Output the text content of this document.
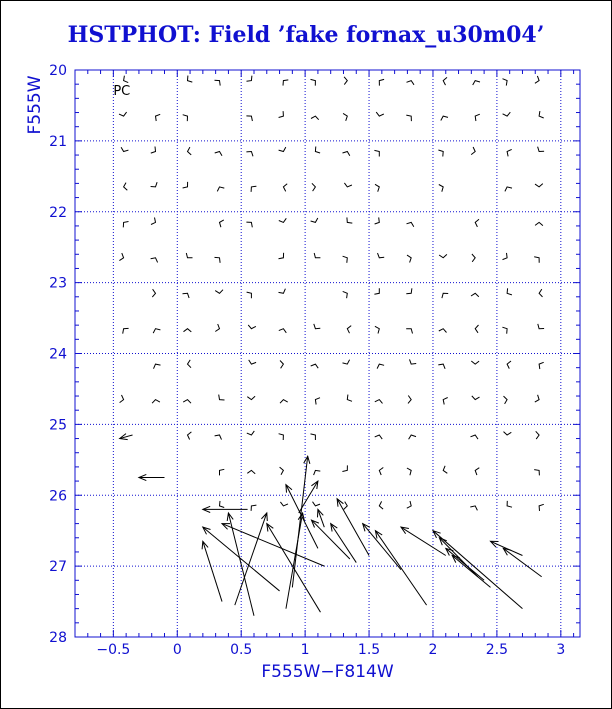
HSTPHOT: Field ’fake fornax_u30m04’
−0.5	0	0.5	1	1.5	2	2.5	3
20
21
22
23
24
25
26
27
28
F555W−F814W
F555W	PC
